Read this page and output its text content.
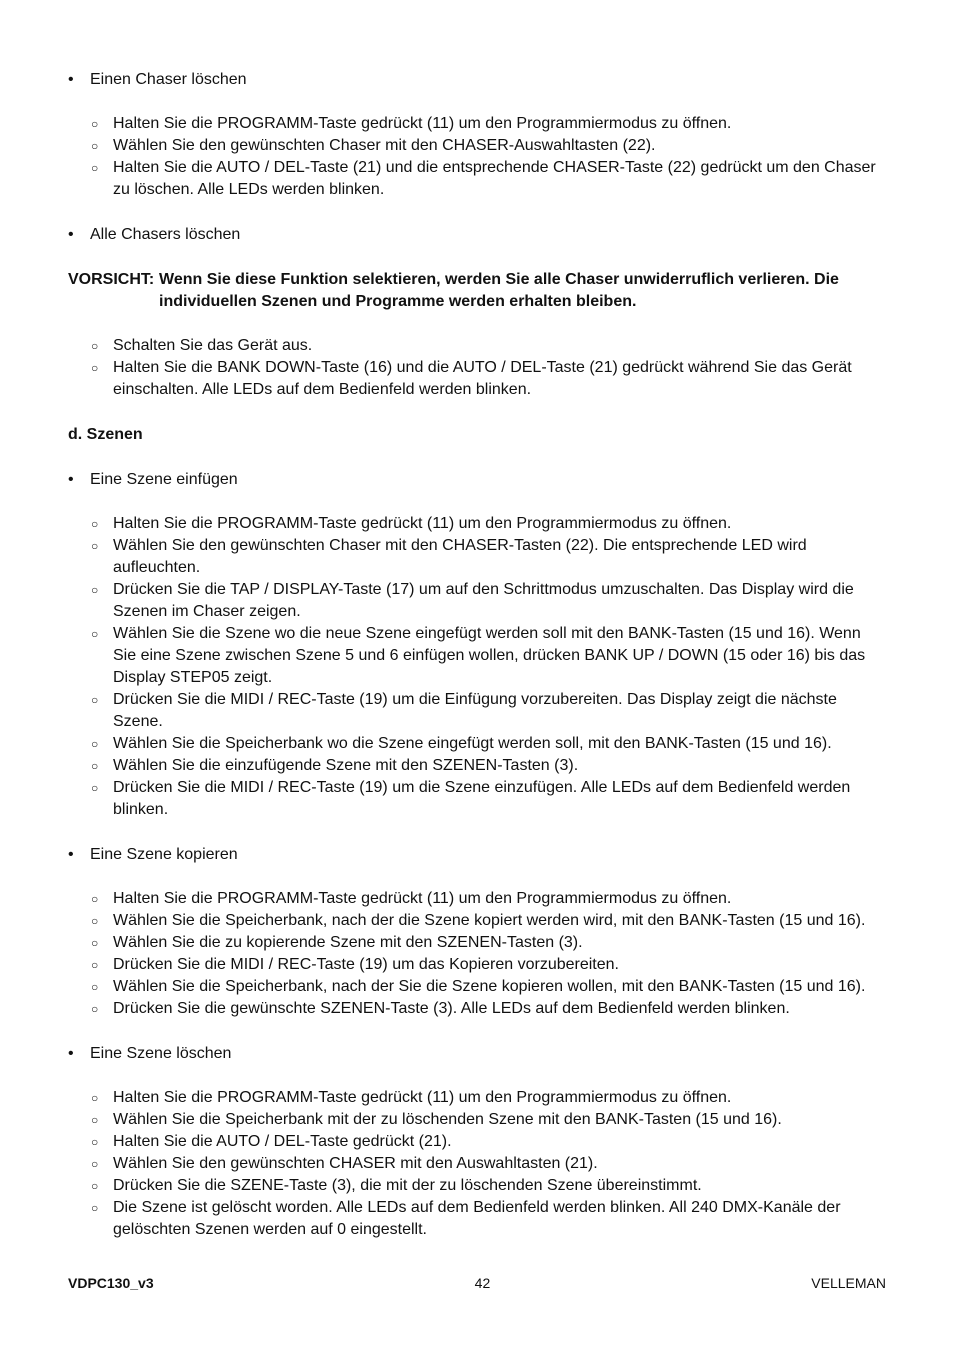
• Einen Chaser löschen
○ Halten Sie die PROGRAMM-Taste gedrückt (11) um den Programmiermodus zu öffnen.
○ Wählen Sie den gewünschten Chaser mit den CHASER-Auswahltasten (22).
○ Halten Sie die AUTO / DEL-Taste (21) und die entsprechende CHASER-Taste (22) gedrückt um den Chaser zu löschen. Alle LEDs werden blinken.
• Alle Chasers löschen
VORSICHT: Wenn Sie diese Funktion selektieren, werden Sie alle Chaser unwiderruflich verlieren. Die individuellen Szenen und Programme werden erhalten bleiben.
○ Schalten Sie das Gerät aus.
○ Halten Sie die BANK DOWN-Taste (16) und die AUTO / DEL-Taste (21) gedrückt während Sie das Gerät einschalten. Alle LEDs auf dem Bedienfeld werden blinken.
d. Szenen
• Eine Szene einfügen
○ Halten Sie die PROGRAMM-Taste gedrückt (11) um den Programmiermodus zu öffnen.
○ Wählen Sie den gewünschten Chaser mit den CHASER-Tasten (22). Die entsprechende LED wird aufleuchten.
○ Drücken Sie die TAP / DISPLAY-Taste (17) um auf den Schrittmodus umzuschalten. Das Display wird die Szenen im Chaser zeigen.
○ Wählen Sie die Szene wo die neue Szene eingefügt werden soll mit den BANK-Tasten (15 und 16). Wenn Sie eine Szene zwischen Szene 5 und 6 einfügen wollen, drücken BANK UP / DOWN (15 oder 16) bis das Display STEP05 zeigt.
○ Drücken Sie die MIDI / REC-Taste (19) um die Einfügung vorzubereiten. Das Display zeigt die nächste Szene.
○ Wählen Sie die Speicherbank wo die Szene eingefügt werden soll, mit den BANK-Tasten (15 und 16).
○ Wählen Sie die einzufügende Szene mit den SZENEN-Tasten (3).
○ Drücken Sie die MIDI / REC-Taste (19) um die Szene einzufügen. Alle LEDs auf dem Bedienfeld werden blinken.
• Eine Szene kopieren
○ Halten Sie die PROGRAMM-Taste gedrückt (11) um den Programmiermodus zu öffnen.
○ Wählen Sie die Speicherbank, nach der die Szene kopiert werden wird, mit den BANK-Tasten (15 und 16).
○ Wählen Sie die zu kopierende Szene mit den SZENEN-Tasten (3).
○ Drücken Sie die MIDI / REC-Taste (19) um das Kopieren vorzubereiten.
○ Wählen Sie die Speicherbank, nach der Sie die Szene kopieren wollen, mit den BANK-Tasten (15 und 16).
○ Drücken Sie die gewünschte SZENEN-Taste (3). Alle LEDs auf dem Bedienfeld werden blinken.
• Eine Szene löschen
○ Halten Sie die PROGRAMM-Taste gedrückt (11) um den Programmiermodus zu öffnen.
○ Wählen Sie die Speicherbank mit der zu löschenden Szene mit den BANK-Tasten (15 und 16).
○ Halten Sie die AUTO / DEL-Taste gedrückt (21).
○ Wählen Sie den gewünschten CHASER mit den Auswahltasten (21).
○ Drücken Sie die SZENE-Taste (3), die mit der zu löschenden Szene übereinstimmt.
○ Die Szene ist gelöscht worden. Alle LEDs auf dem Bedienfeld werden blinken. All 240 DMX-Kanäle der gelöschten Szenen werden auf 0 eingestellt.
VDPC130_v3	42	VELLEMAN
